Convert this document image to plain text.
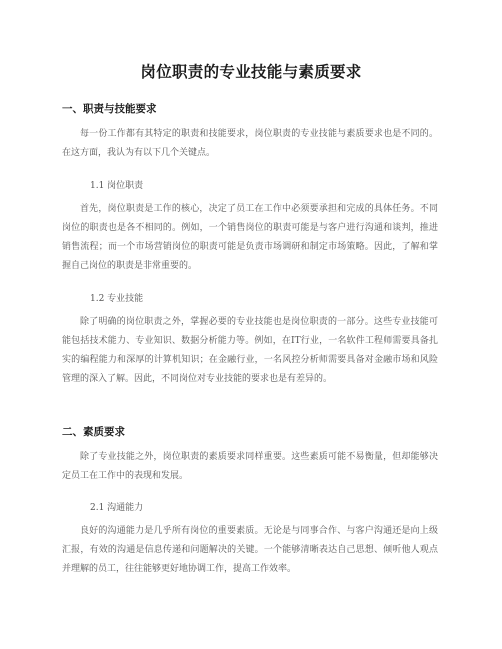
岗位职责的专业技能与素质要求
一、职责与技能要求

每一份工作都有其特定的职责和技能要求，岗位职责的专业技能与素质要求也是不同的。在这方面，我认为有以下几个关键点。

1.1 岗位职责

首先，岗位职责是工作的核心，决定了员工在工作中必须要承担和完成的具体任务。不同岗位的职责也是各不相同的。例如，一个销售岗位的职责可能是与客户进行沟通和谈判，推进销售流程；而一个市场营销岗位的职责可能是负责市场调研和制定市场策略。因此，了解和掌握自己岗位的职责是非常重要的。

1.2 专业技能

除了明确的岗位职责之外，掌握必要的专业技能也是岗位职责的一部分。这些专业技能可能包括技术能力、专业知识、数据分析能力等。例如，在IT行业，一名软件工程师需要具备扎实的编程能力和深厚的计算机知识；在金融行业，一名风控分析师需要具备对金融市场和风险管理的深入了解。因此，不同岗位对专业技能的要求也是有差异的。

二、素质要求

除了专业技能之外，岗位职责的素质要求同样重要。这些素质可能不易衡量，但却能够决定员工在工作中的表现和发展。

2.1 沟通能力

良好的沟通能力是几乎所有岗位的重要素质。无论是与同事合作、与客户沟通还是向上级汇报，有效的沟通是信息传递和问题解决的关键。一个能够清晰表达自己思想、倾听他人观点并理解的员工，往往能够更好地协调工作，提高工作效率。
